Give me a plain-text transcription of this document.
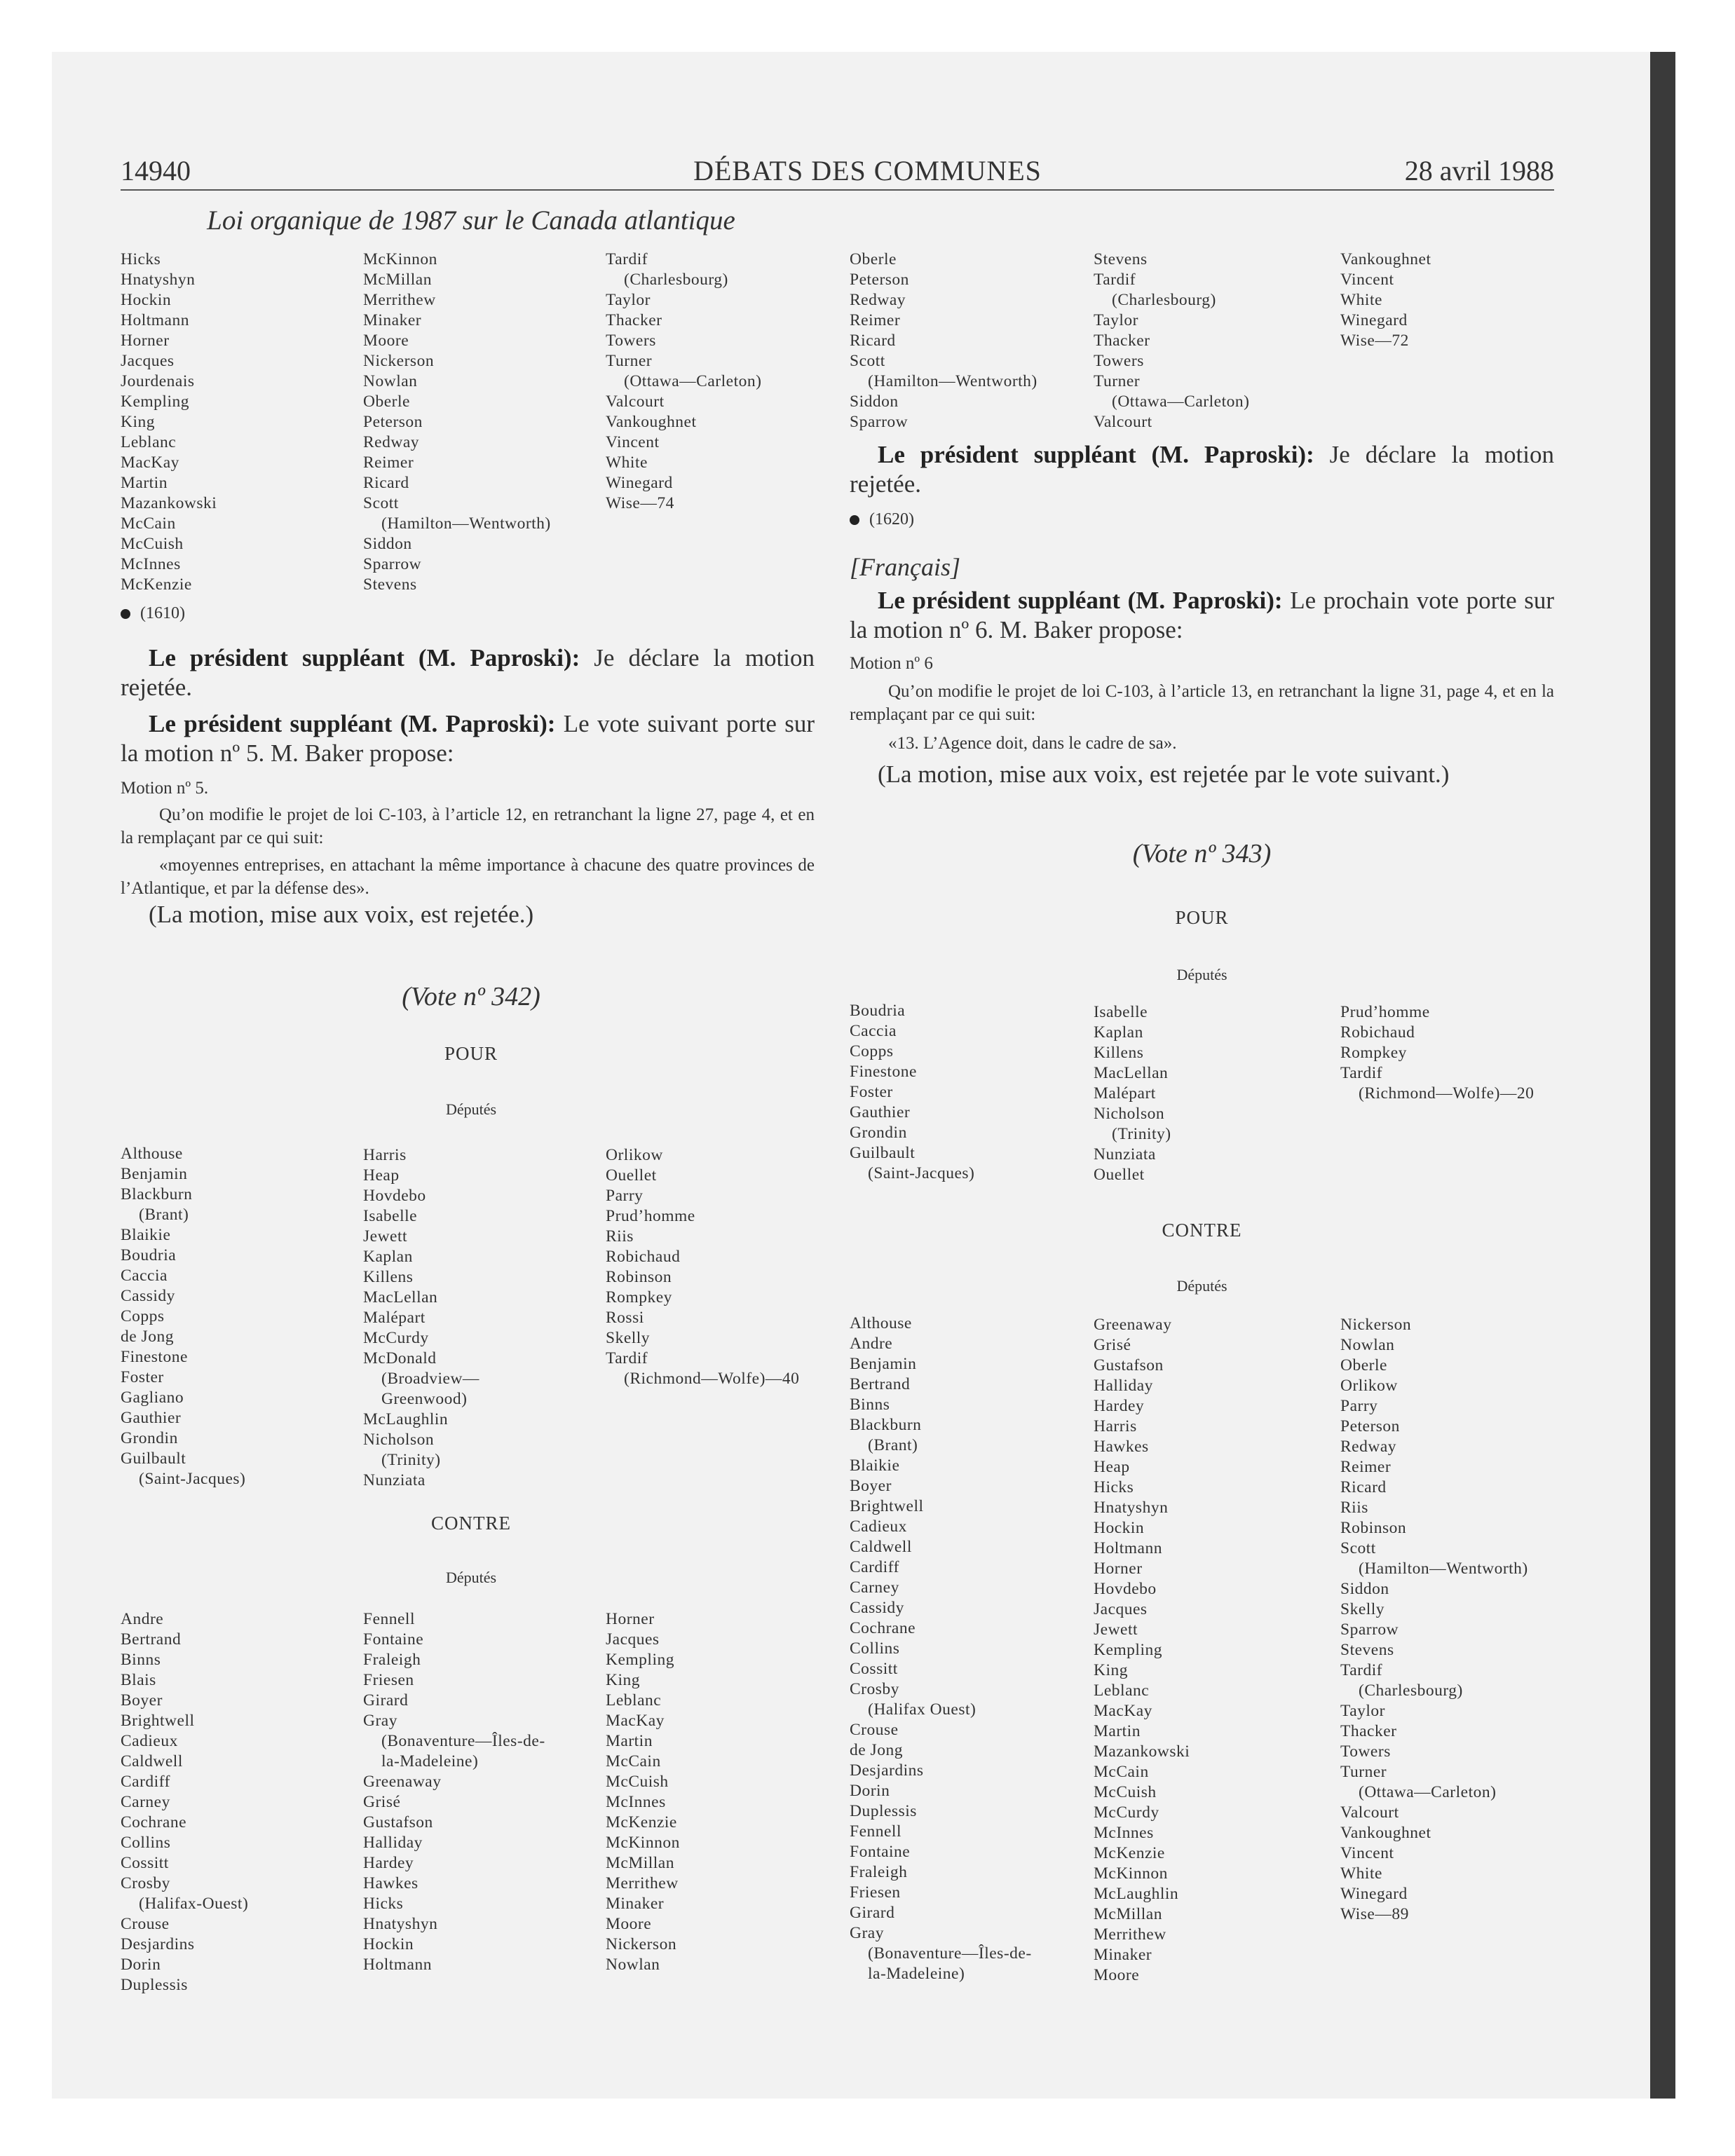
14940	DÉBATS DES COMMUNES	28 avril 1988
Loi organique de 1987 sur le Canada atlantique
Hicks
Hnatyshyn
Hockin
Holtmann
Horner
Jacques
Jourdenais
Kempling
King
Leblanc
MacKay
Martin
Mazankowski
McCain
McCuish
McInnes
McKenzie
McKinnon
McMillan
Merrithew
Minaker
Moore
Nickerson
Nowlan
Oberle
Peterson
Redway
Reimer
Ricard
Scott
(Hamilton—Wentworth)
Siddon
Sparrow
Stevens
Tardif
(Charlesbourg)
Taylor
Thacker
Towers
Turner
(Ottawa—Carleton)
Valcourt
Vankoughnet
Vincent
White
Winegard
Wise—74
(1610)

Le président suppléant (M. Paproski): Je déclare la motion rejetée.

Le président suppléant (M. Paproski): Le vote suivant porte sur la motion nº 5. M. Baker propose:

Motion nº 5.

Qu’on modifie le projet de loi C-103, à l’article 12, en retranchant la ligne 27, page 4, et en la remplaçant par ce qui suit:

«moyennes entreprises, en attachant la même importance à chacune des quatre provinces de l’Atlantique, et par la défense des».

(La motion, mise aux voix, est rejetée.)

(Vote nº 342)
POUR
Députés
Althouse
Benjamin
Blackburn
(Brant)
Blaikie
Boudria
Caccia
Cassidy
Copps
de Jong
Finestone
Foster
Gagliano
Gauthier
Grondin
Guilbault
(Saint-Jacques)
Harris
Heap
Hovdebo
Isabelle
Jewett
Kaplan
Killens
MacLellan
Malépart
McCurdy
McDonald
(Broadview—
Greenwood)
McLaughlin
Nicholson
(Trinity)
Nunziata
Orlikow
Ouellet
Parry
Prud’homme
Riis
Robichaud
Robinson
Rompkey
Rossi
Skelly
Tardif
(Richmond—Wolfe)—40
CONTRE
Députés
Andre
Bertrand
Binns
Blais
Boyer
Brightwell
Cadieux
Caldwell
Cardiff
Carney
Cochrane
Collins
Cossitt
Crosby
(Halifax-Ouest)
Crouse
Desjardins
Dorin
Duplessis
Fennell
Fontaine
Fraleigh
Friesen
Girard
Gray
(Bonaventure—Îles-de-
la-Madeleine)
Greenaway
Grisé
Gustafson
Halliday
Hardey
Hawkes
Hicks
Hnatyshyn
Hockin
Holtmann
Horner
Jacques
Kempling
King
Leblanc
MacKay
Martin
McCain
McCuish
McInnes
McKenzie
McKinnon
McMillan
Merrithew
Minaker
Moore
Nickerson
Nowlan
Oberle
Peterson
Redway
Reimer
Ricard
Scott
(Hamilton—Wentworth)
Siddon
Sparrow
Stevens
Tardif
(Charlesbourg)
Taylor
Thacker
Towers
Turner
(Ottawa—Carleton)
Valcourt
Vankoughnet
Vincent
White
Winegard
Wise—72

Le président suppléant (M. Paproski): Je déclare la motion rejetée.

(1620)
[Français]

Le président suppléant (M. Paproski): Le prochain vote porte sur la motion nº 6. M. Baker propose:

Motion nº 6

Qu’on modifie le projet de loi C-103, à l’article 13, en retranchant la ligne 31, page 4, et en la remplaçant par ce qui suit:

«13. L’Agence doit, dans le cadre de sa».

(La motion, mise aux voix, est rejetée par le vote suivant.)

(Vote nº 343)
POUR
Députés
Boudria
Caccia
Copps
Finestone
Foster
Gauthier
Grondin
Guilbault
(Saint-Jacques)
Isabelle
Kaplan
Killens
MacLellan
Malépart
Nicholson
(Trinity)
Nunziata
Ouellet
Prud’homme
Robichaud
Rompkey
Tardif
(Richmond—Wolfe)—20
CONTRE
Députés
Althouse
Andre
Benjamin
Bertrand
Binns
Blackburn
(Brant)
Blaikie
Boyer
Brightwell
Cadieux
Caldwell
Cardiff
Carney
Cassidy
Cochrane
Collins
Cossitt
Crosby
(Halifax Ouest)
Crouse
de Jong
Desjardins
Dorin
Duplessis
Fennell
Fontaine
Fraleigh
Friesen
Girard
Gray
(Bonaventure—Îles-de-
la-Madeleine)
Greenaway
Grisé
Gustafson
Halliday
Hardey
Harris
Hawkes
Heap
Hicks
Hnatyshyn
Hockin
Holtmann
Horner
Hovdebo
Jacques
Jewett
Kempling
King
Leblanc
MacKay
Martin
Mazankowski
McCain
McCuish
McCurdy
McInnes
McKenzie
McKinnon
McLaughlin
McMillan
Merrithew
Minaker
Moore
Nickerson
Nowlan
Oberle
Orlikow
Parry
Peterson
Redway
Reimer
Ricard
Riis
Robinson
Scott
(Hamilton—Wentworth)
Siddon
Skelly
Sparrow
Stevens
Tardif
(Charlesbourg)
Taylor
Thacker
Towers
Turner
(Ottawa—Carleton)
Valcourt
Vankoughnet
Vincent
White
Winegard
Wise—89
